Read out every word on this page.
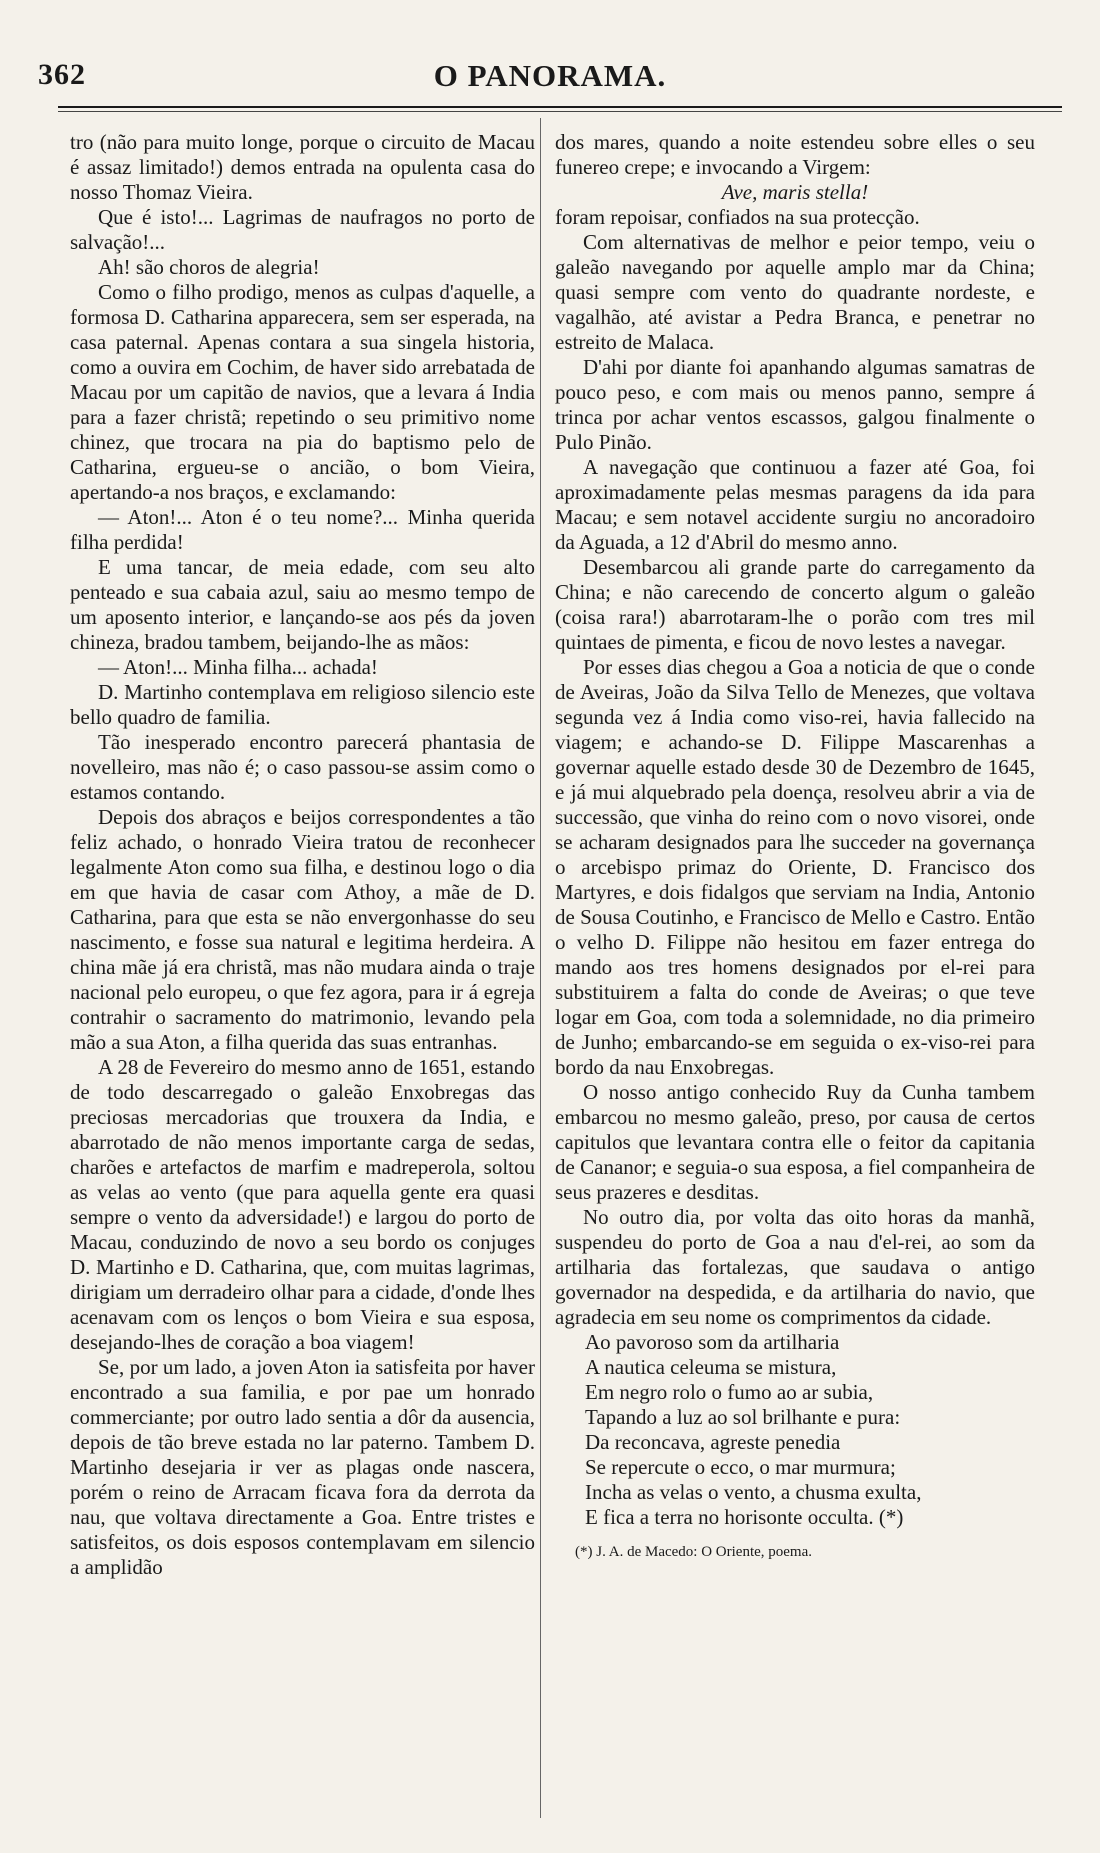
362	O PANORAMA.

tro (não para muito longe, porque o circuito de Macau é assaz limitado!) demos entrada na opulenta casa do nosso Thomaz Vieira.

Que é isto!... Lagrimas de naufragos no porto de salvação!...

Ah! são choros de alegria!

Como o filho prodigo, menos as culpas d'aquelle, a formosa D. Catharina apparecera, sem ser esperada, na casa paternal. Apenas contara a sua singela historia, como a ouvira em Cochim, de haver sido arrebatada de Macau por um capitão de navios, que a levara á India para a fazer christã; repetindo o seu primitivo nome chinez, que trocara na pia do baptismo pelo de Catharina, ergueu-se o ancião, o bom Vieira, apertando-a nos braços, e exclamando:

— Aton!... Aton é o teu nome?... Minha querida filha perdida!

E uma tancar, de meia edade, com seu alto penteado e sua cabaia azul, saiu ao mesmo tempo de um aposento interior, e lançando-se aos pés da joven chineza, bradou tambem, beijando-lhe as mãos:

— Aton!... Minha filha... achada!

D. Martinho contemplava em religioso silencio este bello quadro de familia.

Tão inesperado encontro parecerá phantasia de novelleiro, mas não é; o caso passou-se assim como o estamos contando.

Depois dos abraços e beijos correspondentes a tão feliz achado, o honrado Vieira tratou de reconhecer legalmente Aton como sua filha, e destinou logo o dia em que havia de casar com Athoy, a mãe de D. Catharina, para que esta se não envergonhasse do seu nascimento, e fosse sua natural e legitima herdeira. A china mãe já era christã, mas não mudara ainda o traje nacional pelo europeu, o que fez agora, para ir á egreja contrahir o sacramento do matrimonio, levando pela mão a sua Aton, a filha querida das suas entranhas.

A 28 de Fevereiro do mesmo anno de 1651, estando de todo descarregado o galeão Enxobregas das preciosas mercadorias que trouxera da India, e abarrotado de não menos importante carga de sedas, charões e artefactos de marfim e madreperola, soltou as velas ao vento (que para aquella gente era quasi sempre o vento da adversidade!) e largou do porto de Macau, conduzindo de novo a seu bordo os conjuges D. Martinho e D. Catharina, que, com muitas lagrimas, dirigiam um derradeiro olhar para a cidade, d'onde lhes acenavam com os lenços o bom Vieira e sua esposa, desejando-lhes de coração a boa viagem!

Se, por um lado, a joven Aton ia satisfeita por haver encontrado a sua familia, e por pae um honrado commerciante; por outro lado sentia a dôr da ausencia, depois de tão breve estada no lar paterno. Tambem D. Martinho desejaria ir ver as plagas onde nascera, porém o reino de Arracam ficava fora da derrota da nau, que voltava directamente a Goa. Entre tristes e satisfeitos, os dois esposos contemplavam em silencio a amplidão

dos mares, quando a noite estendeu sobre elles o seu funereo crepe; e invocando a Virgem:

Ave, maris stella!

foram repoisar, confiados na sua protecção.

Com alternativas de melhor e peior tempo, veiu o galeão navegando por aquelle amplo mar da China; quasi sempre com vento do quadrante nordeste, e vagalhão, até avistar a Pedra Branca, e penetrar no estreito de Malaca.

D'ahi por diante foi apanhando algumas samatras de pouco peso, e com mais ou menos panno, sempre á trinca por achar ventos escassos, galgou finalmente o Pulo Pinão.

A navegação que continuou a fazer até Goa, foi aproximadamente pelas mesmas paragens da ida para Macau; e sem notavel accidente surgiu no ancoradoiro da Aguada, a 12 d'Abril do mesmo anno.

Desembarcou ali grande parte do carregamento da China; e não carecendo de concerto algum o galeão (coisa rara!) abarrotaram-lhe o porão com tres mil quintaes de pimenta, e ficou de novo lestes a navegar.

Por esses dias chegou a Goa a noticia de que o conde de Aveiras, João da Silva Tello de Menezes, que voltava segunda vez á India como viso-rei, havia fallecido na viagem; e achando-se D. Filippe Mascarenhas a governar aquelle estado desde 30 de Dezembro de 1645, e já mui alquebrado pela doença, resolveu abrir a via de successão, que vinha do reino com o novo visorei, onde se acharam designados para lhe succeder na governança o arcebispo primaz do Oriente, D. Francisco dos Martyres, e dois fidalgos que serviam na India, Antonio de Sousa Coutinho, e Francisco de Mello e Castro. Então o velho D. Filippe não hesitou em fazer entrega do mando aos tres homens designados por el-rei para substituirem a falta do conde de Aveiras; o que teve logar em Goa, com toda a solemnidade, no dia primeiro de Junho; embarcando-se em seguida o ex-viso-rei para bordo da nau Enxobregas.

O nosso antigo conhecido Ruy da Cunha tambem embarcou no mesmo galeão, preso, por causa de certos capitulos que levantara contra elle o feitor da capitania de Cananor; e seguia-o sua esposa, a fiel companheira de seus prazeres e desditas.

No outro dia, por volta das oito horas da manhã, suspendeu do porto de Goa a nau d'el-rei, ao som da artilharia das fortalezas, que saudava o antigo governador na despedida, e da artilharia do navio, que agradecia em seu nome os comprimentos da cidade.

Ao pavoroso som da artilharia
A nautica celeuma se mistura,
Em negro rolo o fumo ao ar subia,
Tapando a luz ao sol brilhante e pura:
Da reconcava, agreste penedia
Se repercute o ecco, o mar murmura;
Incha as velas o vento, a chusma exulta,
E fica a terra no horisonte occulta. (*)
(*) J. A. de Macedo: O Oriente, poema.
